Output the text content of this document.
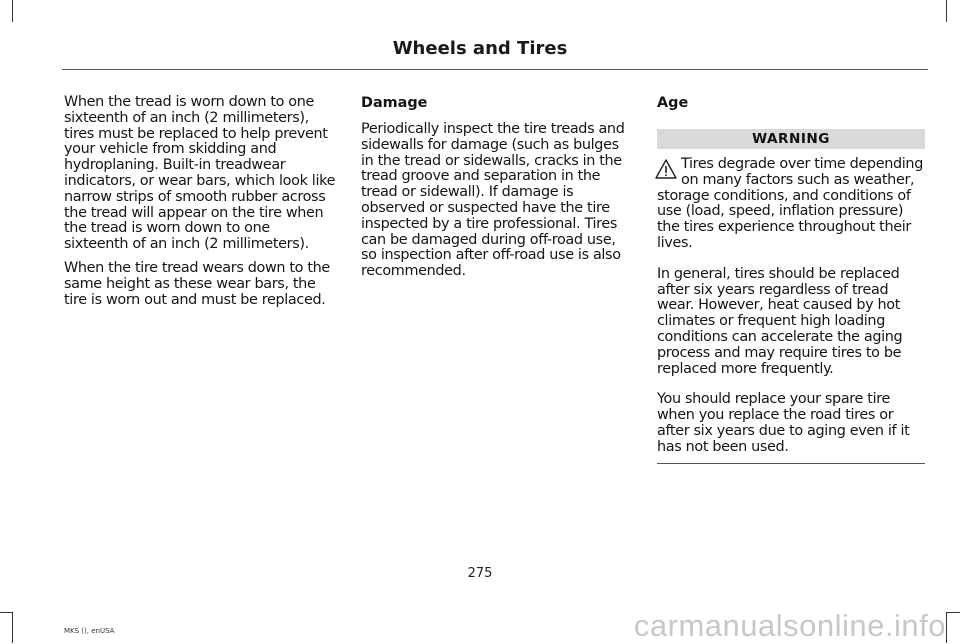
Wheels and Tires

When the tread is worn down to one sixteenth of an inch (2 millimeters), tires must be replaced to help prevent your vehicle from skidding and hydroplaning. Built-in treadwear indicators, or wear bars, which look like narrow strips of smooth rubber across the tread will appear on the tire when the tread is worn down to one sixteenth of an inch (2 millimeters).

When the tire tread wears down to the same height as these wear bars, the tire is worn out and must be replaced.

Damage

Periodically inspect the tire treads and sidewalls for damage (such as bulges in the tread or sidewalls, cracks in the tread groove and separation in the tread or sidewall). If damage is observed or suspected have the tire inspected by a tire professional. Tires can be damaged during off-road use, so inspection after off-road use is also recommended.

Age
WARNING

Tires degrade over time depending on many factors such as weather, storage conditions, and conditions of use (load, speed, inflation pressure) the tires experience throughout their lives.

In general, tires should be replaced after six years regardless of tread wear. However, heat caused by hot climates or frequent high loading conditions can accelerate the aging process and may require tires to be replaced more frequently.

You should replace your spare tire when you replace the road tires or after six years due to aging even if it has not been used.

275
MKS (), enUSA	carmanualsonline.info
